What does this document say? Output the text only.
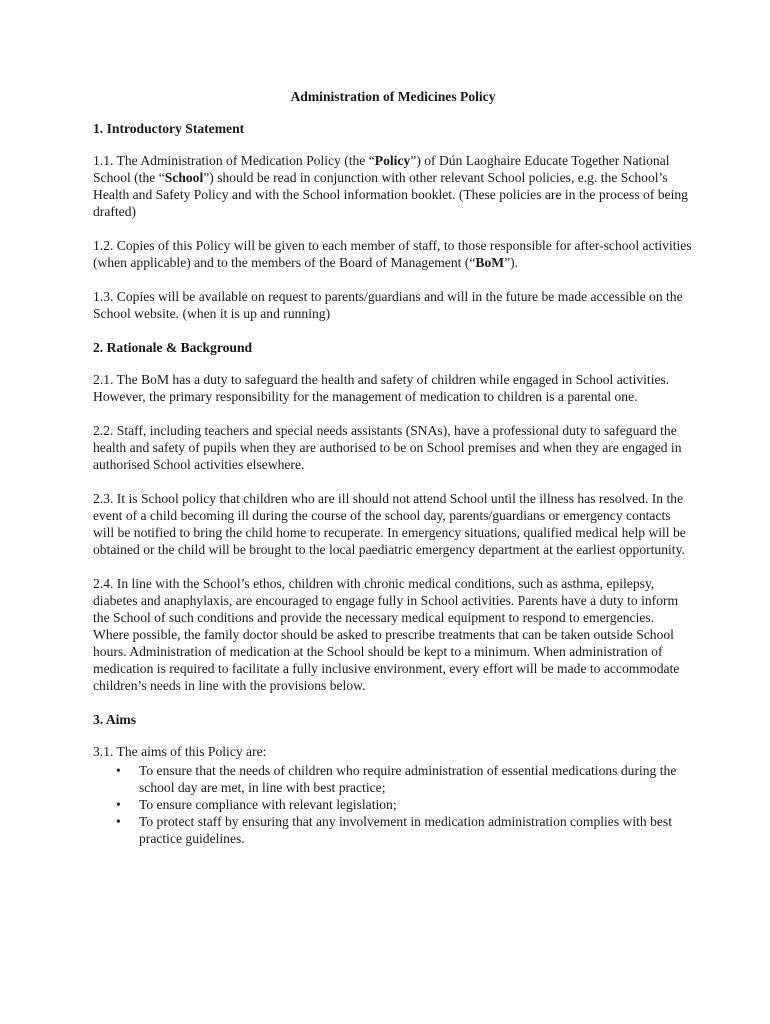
Administration of Medicines Policy
1. Introductory Statement

1.1. The Administration of Medication Policy (the “Policy”) of Dún Laoghaire Educate Together National School (the “School”) should be read in conjunction with other relevant School policies, e.g. the School’s Health and Safety Policy and with the School information booklet. (These policies are in the process of being drafted)

1.2. Copies of this Policy will be given to each member of staff, to those responsible for after-school activities (when applicable) and to the members of the Board of Management (“BoM”).

1.3. Copies will be available on request to parents/guardians and will in the future be made accessible on the School website. (when it is up and running)

2. Rationale & Background

2.1. The BoM has a duty to safeguard the health and safety of children while engaged in School activities. However, the primary responsibility for the management of medication to children is a parental one.

2.2. Staff, including teachers and special needs assistants (SNAs), have a professional duty to safeguard the health and safety of pupils when they are authorised to be on School premises and when they are engaged in authorised School activities elsewhere.

2.3. It is School policy that children who are ill should not attend School until the illness has resolved. In the event of a child becoming ill during the course of the school day, parents/guardians or emergency contacts will be notified to bring the child home to recuperate. In emergency situations, qualified medical help will be obtained or the child will be brought to the local paediatric emergency department at the earliest opportunity.

2.4. In line with the School’s ethos, children with chronic medical conditions, such as asthma, epilepsy, diabetes and anaphylaxis, are encouraged to engage fully in School activities. Parents have a duty to inform the School of such conditions and provide the necessary medical equipment to respond to emergencies. Where possible, the family doctor should be asked to prescribe treatments that can be taken outside School hours. Administration of medication at the School should be kept to a minimum. When administration of medication is required to facilitate a fully inclusive environment, every effort will be made to accommodate children’s needs in line with the provisions below.

3. Aims

3.1. The aims of this Policy are:

• To ensure that the needs of children who require administration of essential medications during the school day are met, in line with best practice;
• To ensure compliance with relevant legislation;
• To protect staff by ensuring that any involvement in medication administration complies with best practice guidelines.
